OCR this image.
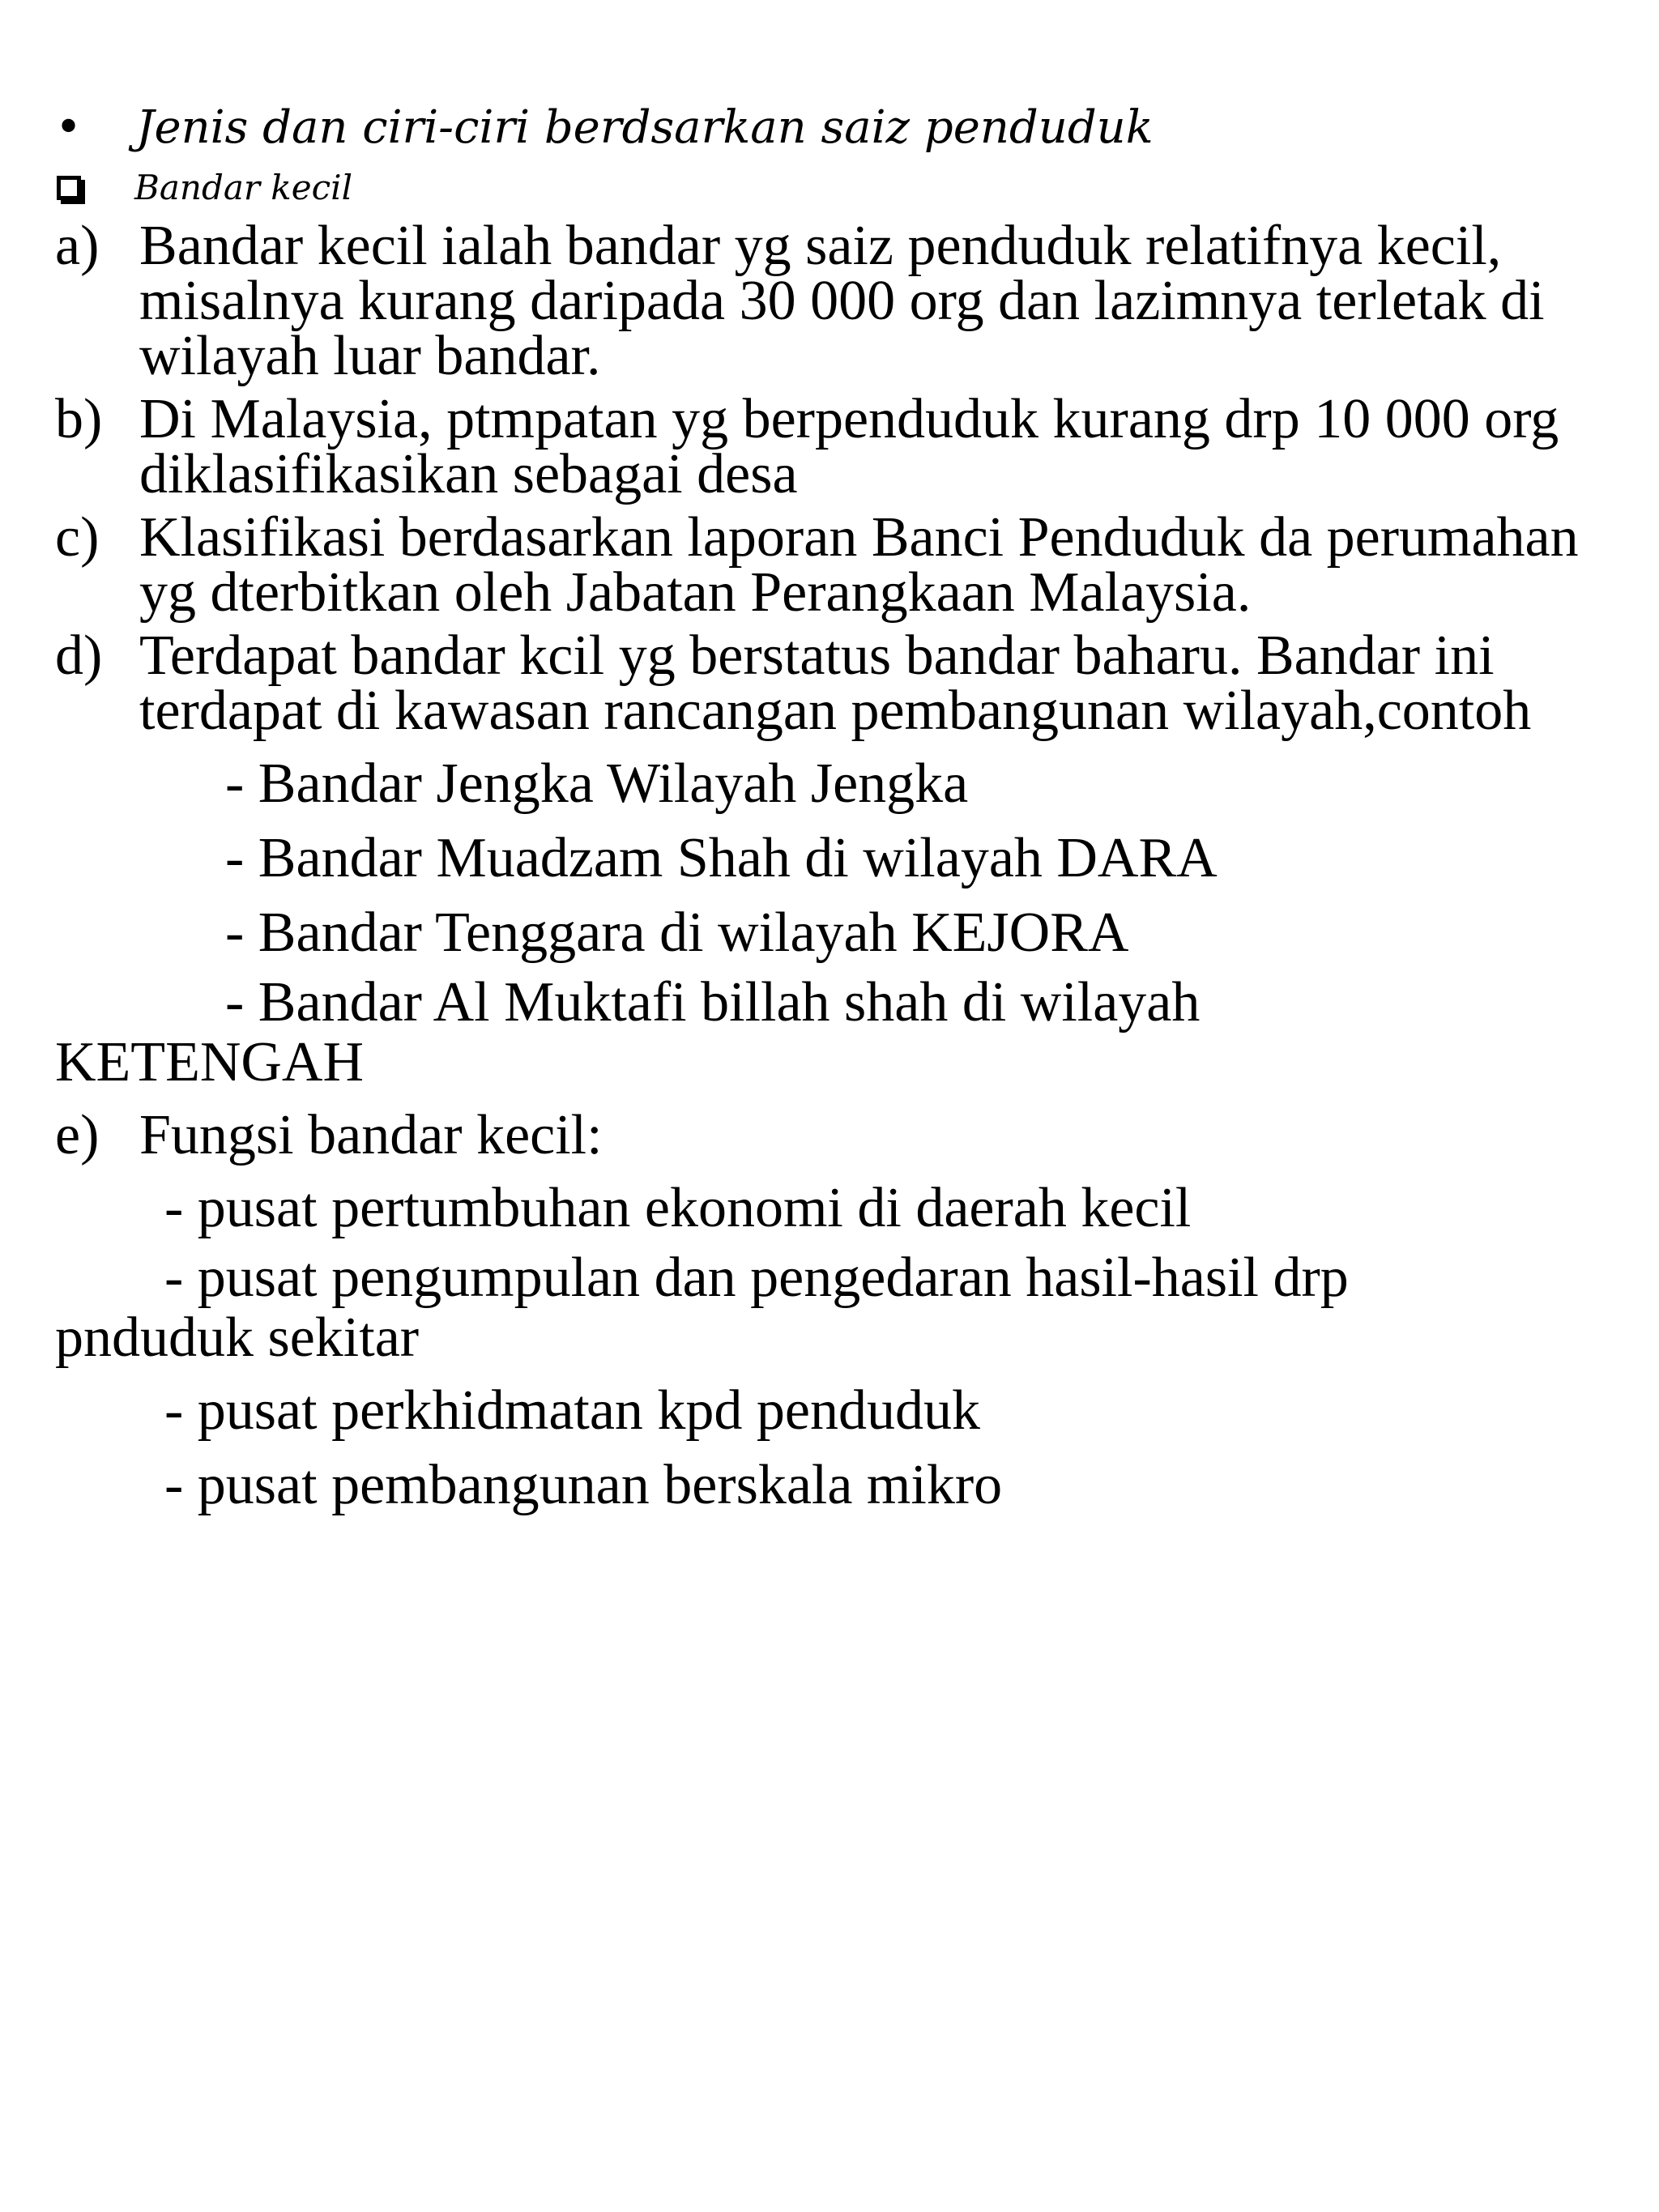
•	Jenis dan ciri-ciri berdsarkan saiz penduduk
Bandar kecil
a) Bandar kecil ialah bandar yg saiz penduduk relatifnya kecil, misalnya kurang daripada 30 000 org dan lazimnya terletak di wilayah luar bandar.
b) Di Malaysia, ptmpatan yg berpenduduk kurang drp 10 000 org diklasifikasikan sebagai desa
c) Klasifikasi berdasarkan laporan Banci Penduduk da perumahan yg dterbitkan oleh Jabatan Perangkaan Malaysia.
d) Terdapat bandar kcil yg berstatus bandar baharu. Bandar ini terdapat di kawasan rancangan pembangunan wilayah,contoh
- Bandar Jengka Wilayah Jengka
- Bandar Muadzam Shah di wilayah DARA
- Bandar Tenggara di wilayah KEJORA
- Bandar Al Muktafi billah shah di wilayah
KETENGAH
e) Fungsi bandar kecil:
- pusat pertumbuhan ekonomi di daerah kecil
- pusat pengumpulan dan pengedaran hasil-hasil drp
pnduduk sekitar
- pusat perkhidmatan kpd penduduk
- pusat pembangunan berskala mikro
